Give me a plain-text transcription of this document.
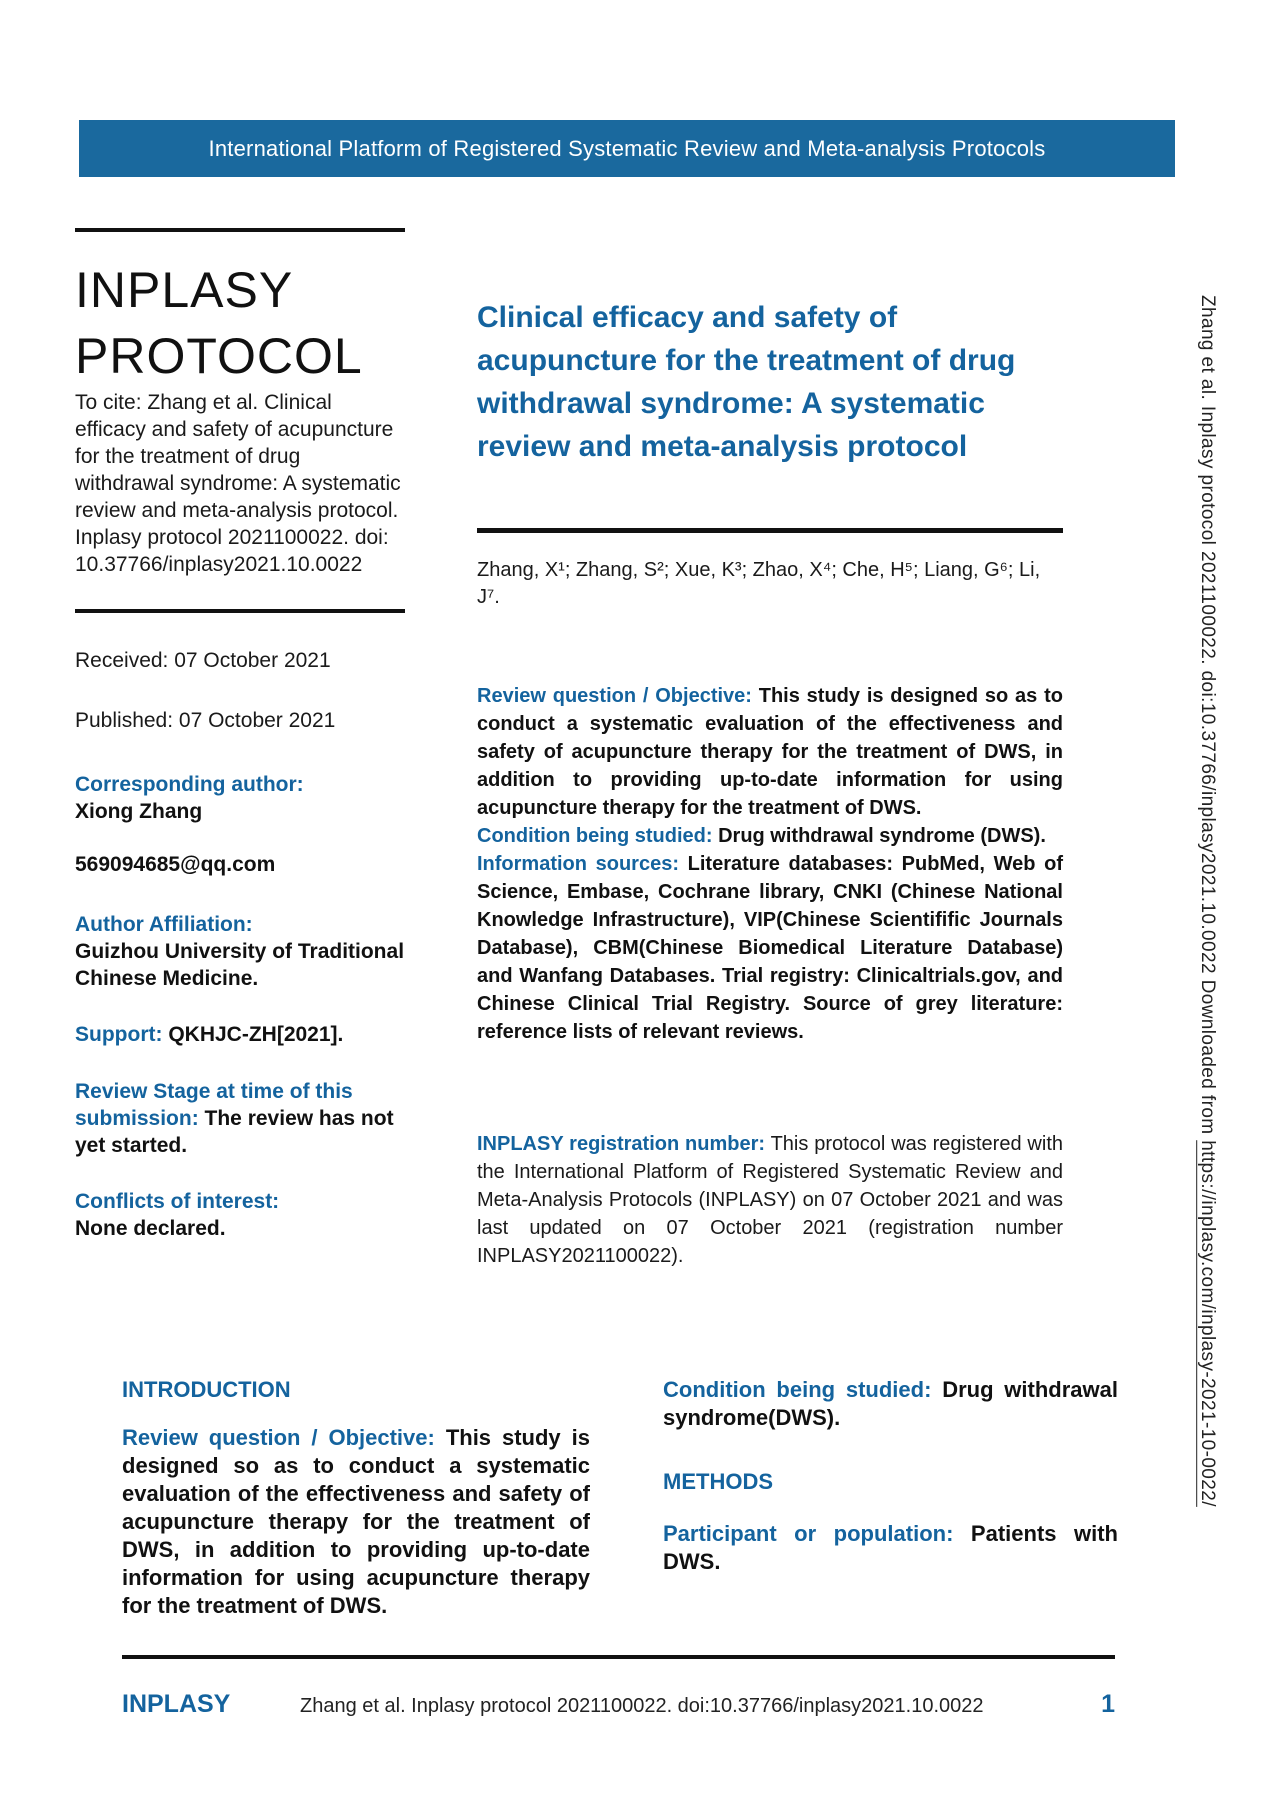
International Platform of Registered Systematic Review and Meta-analysis Protocols
Zhang et al. Inplasy protocol 2021100022. doi:10.37766/inplasy2021.10.0022 Downloaded from https://inplasy.com/inplasy-2021-10-0022/
INPLASY
PROTOCOL

To cite: Zhang et al. Clinical efficacy and safety of acupuncture for the treatment of drug withdrawal syndrome: A systematic review and meta-analysis protocol. Inplasy protocol 2021100022. doi: 10.37766/inplasy2021.10.0022

Received: 07 October 2021

Published: 07 October 2021

Corresponding author:
Xiong Zhang

569094685@qq.com

Author Affiliation:
Guizhou University of Traditional Chinese Medicine.

Support: QKHJC-ZH[2021].

Review Stage at time of this submission: The review has not yet started.

Conflicts of interest:
None declared.

Clinical efficacy and safety of acupuncture for the treatment of drug withdrawal syndrome: A systematic review and meta-analysis protocol

Zhang, X¹; Zhang, S²; Xue, K³; Zhao, X⁴; Che, H⁵; Liang, G⁶; Li, J⁷.

Review question / Objective: This study is designed so as to conduct a systematic evaluation of the effectiveness and safety of acupuncture therapy for the treatment of DWS, in addition to providing up-to-date information for using acupuncture therapy for the treatment of DWS.

Condition being studied: Drug withdrawal syndrome (DWS).

Information sources: Literature databases: PubMed, Web of Science, Embase, Cochrane library, CNKI (Chinese National Knowledge Infrastructure), VIP(Chinese Scientifific Journals Database), CBM(Chinese Biomedical Literature Database) and Wanfang Databases. Trial registry: Clinicaltrials.gov, and Chinese Clinical Trial Registry. Source of grey literature: reference lists of relevant reviews.

INPLASY registration number: This protocol was registered with the International Platform of Registered Systematic Review and Meta-Analysis Protocols (INPLASY) on 07 October 2021 and was last updated on 07 October 2021 (registration number INPLASY2021100022).

INTRODUCTION

Review question / Objective: This study is designed so as to conduct a systematic evaluation of the effectiveness and safety of acupuncture therapy for the treatment of DWS, in addition to providing up-to-date information for using acupuncture therapy for the treatment of DWS.

Condition being studied: Drug withdrawal syndrome(DWS).

METHODS

Participant or population: Patients with DWS.

INPLASY	Zhang et al. Inplasy protocol 2021100022. doi:10.37766/inplasy2021.10.0022	1
